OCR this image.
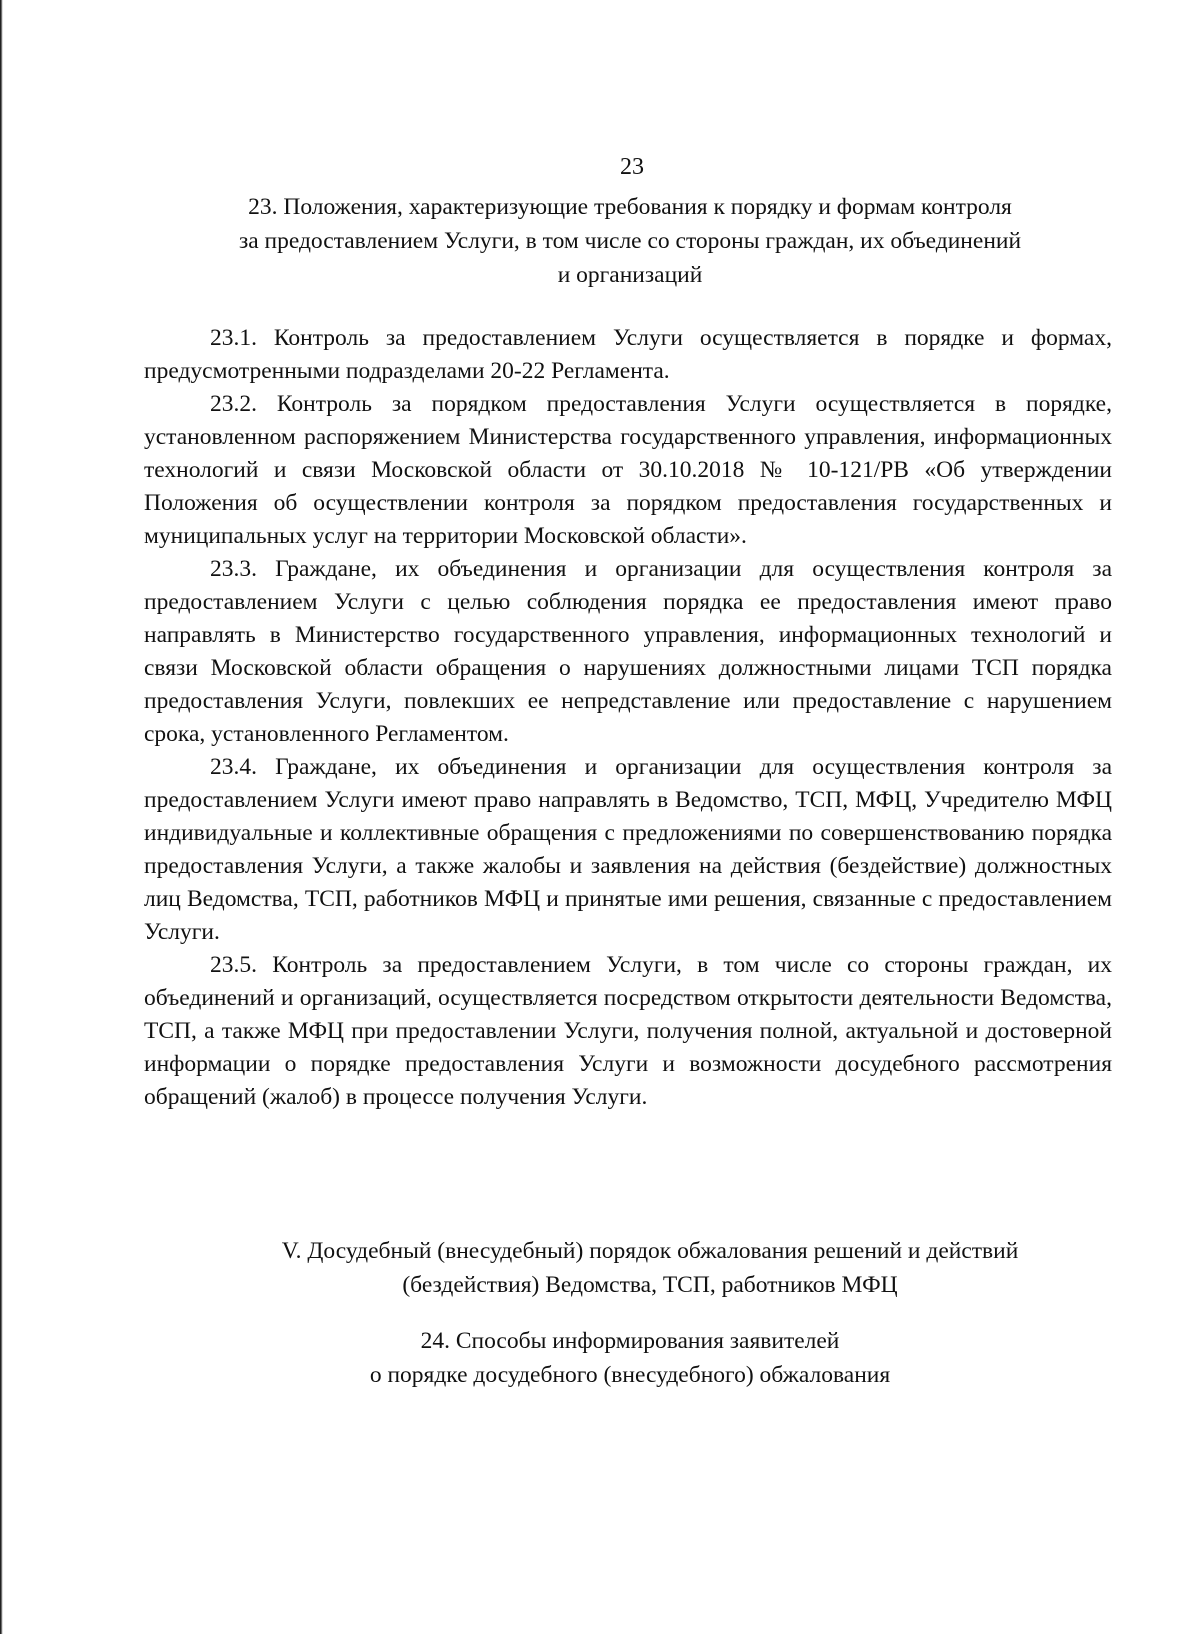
23
23. Положения, характеризующие требования к порядку и формам контроля
за предоставлением Услуги, в том числе со стороны граждан, их объединений
и организаций

23.1. Контроль за предоставлением Услуги осуществляется в порядке и формах, предусмотренными подразделами 20-22 Регламента.

23.2. Контроль за порядком предоставления Услуги осуществляется в порядке, установленном распоряжением Министерства государственного управления, информационных технологий и связи Московской области от 30.10.2018 № 10-121/РВ «Об утверждении Положения об осуществлении контроля за порядком предоставления государственных и муниципальных услуг на территории Московской области».

23.3. Граждане, их объединения и организации для осуществления контроля за предоставлением Услуги с целью соблюдения порядка ее предоставления имеют право направлять в Министерство государственного управления, информационных технологий и связи Московской области обращения о нарушениях должностными лицами ТСП порядка предоставления Услуги, повлекших ее непредставление или предоставление с нарушением срока, установленного Регламентом.

23.4. Граждане, их объединения и организации для осуществления контроля за предоставлением Услуги имеют право направлять в Ведомство, ТСП, МФЦ, Учредителю МФЦ индивидуальные и коллективные обращения с предложениями по совершенствованию порядка предоставления Услуги, а также жалобы и заявления на действия (бездействие) должностных лиц Ведомства, ТСП, работников МФЦ и принятые ими решения, связанные с предоставлением Услуги.

23.5. Контроль за предоставлением Услуги, в том числе со стороны граждан, их объединений и организаций, осуществляется посредством открытости деятельности Ведомства, ТСП, а также МФЦ при предоставлении Услуги, получения полной, актуальной и достоверной информации о порядке предоставления Услуги и возможности досудебного рассмотрения обращений (жалоб) в процессе получения Услуги.

V. Досудебный (внесудебный) порядок обжалования решений и действий
(бездействия) Ведомства, ТСП, работников МФЦ
24. Способы информирования заявителей
о порядке досудебного (внесудебного) обжалования
